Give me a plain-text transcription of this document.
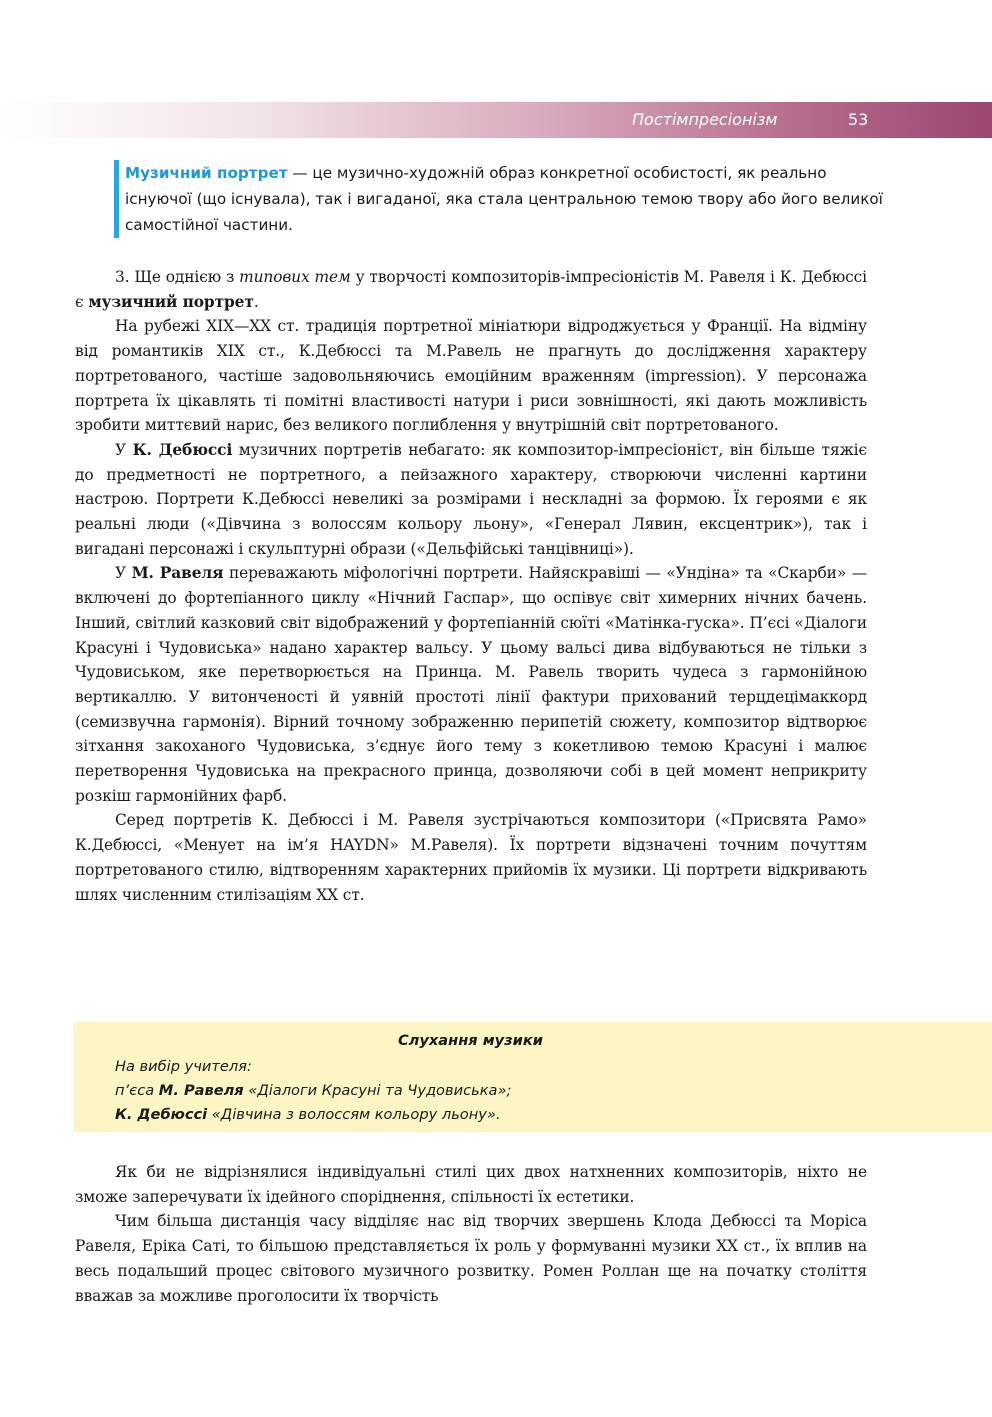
Постімпресіонізм	53
Музичний портрет — це музично-художній образ конкретної особистості, як реально існуючої (що існувала), так і вигаданої, яка стала центральною темою твору або його великої самостійної частини.

3. Ще однією з типових тем у творчості композиторів-імпресіоністів М. Равеля і К. Дебюссі є музичний портрет.

На рубежі XIX—XX ст. традиція портретної мініатюри відроджується у Франції. На відміну від романтиків XIX ст., К.Дебюссі та М.Равель не прагнуть до дослідження характеру портретованого, частіше задовольняючись емоційним враженням (impression). У персонажа портрета їх цікавлять ті помітні властивості натури і риси зовнішності, які дають можливість зробити миттєвий нарис, без великого поглиблення у внутрішній світ портретованого.

У К. Дебюссі музичних портретів небагато: як композитор-імпресіоніст, він більше тяжіє до предметності не портретного, а пейзажного характеру, створюючи численні картини настрою. Портрети К.Дебюссі невеликі за розмірами і нескладні за формою. Їх героями є як реальні люди («Дівчина з волоссям кольору льону», «Генерал Лявин, ексцентрик»), так і вигадані персонажі і скульптурні образи («Дельфійські танцівниці»).

У М. Равеля переважають міфологічні портрети. Найяскравіші — «Ундіна» та «Скарби» — включені до фортепіанного циклу «Нічний Гаспар», що оспівує світ химерних нічних бачень. Інший, світлий казковий світ відображений у фортепіанній сюїті «Матінка-гуска». П’єсі «Діалоги Красуні і Чудовиська» надано характер вальсу. У цьому вальсі дива відбуваються не тільки з Чудовиськом, яке перетворюється на Принца. М. Равель творить чудеса з гармонійною вертикаллю. У витонченості й уявній простоті лінії фактури прихований терцдецімаккорд (семизвучна гармонія). Вірний точному зображенню перипетій сюжету, композитор відтворює зітхання закоханого Чудовиська, з’єднує його тему з кокетливою темою Красуні і малює перетворення Чудовиська на прекрасного принца, дозволяючи собі в цей момент неприкриту розкіш гармонійних фарб.

Серед портретів К. Дебюссі і М. Равеля зустрічаються композитори («Присвята Рамо» К.Дебюссі, «Менует на ім’я HAYDN» М.Равеля). Їх портрети відзначені точним почуттям портретованого стилю, відтворенням характерних прийомів їх музики. Ці портрети відкривають шлях численним стилізаціям XX ст.

Слухання музики
На вибір учителя:
п’єса М. Равеля «Діалоги Красуні та Чудовиська»;
К. Дебюссі «Дівчина з волоссям кольору льону».

Як би не відрізнялися індивідуальні стилі цих двох натхненних композиторів, ніхто не зможе заперечувати їх ідейного споріднення, спільності їх естетики.

Чим більша дистанція часу відділяє нас від творчих звершень Клода Дебюссі та Моріса Равеля, Еріка Саті, то більшою представляється їх роль у формуванні музики XX ст., їх вплив на весь подальший процес світового музичного розвитку. Ромен Роллан ще на початку століття вважав за можливе проголосити їх творчість
